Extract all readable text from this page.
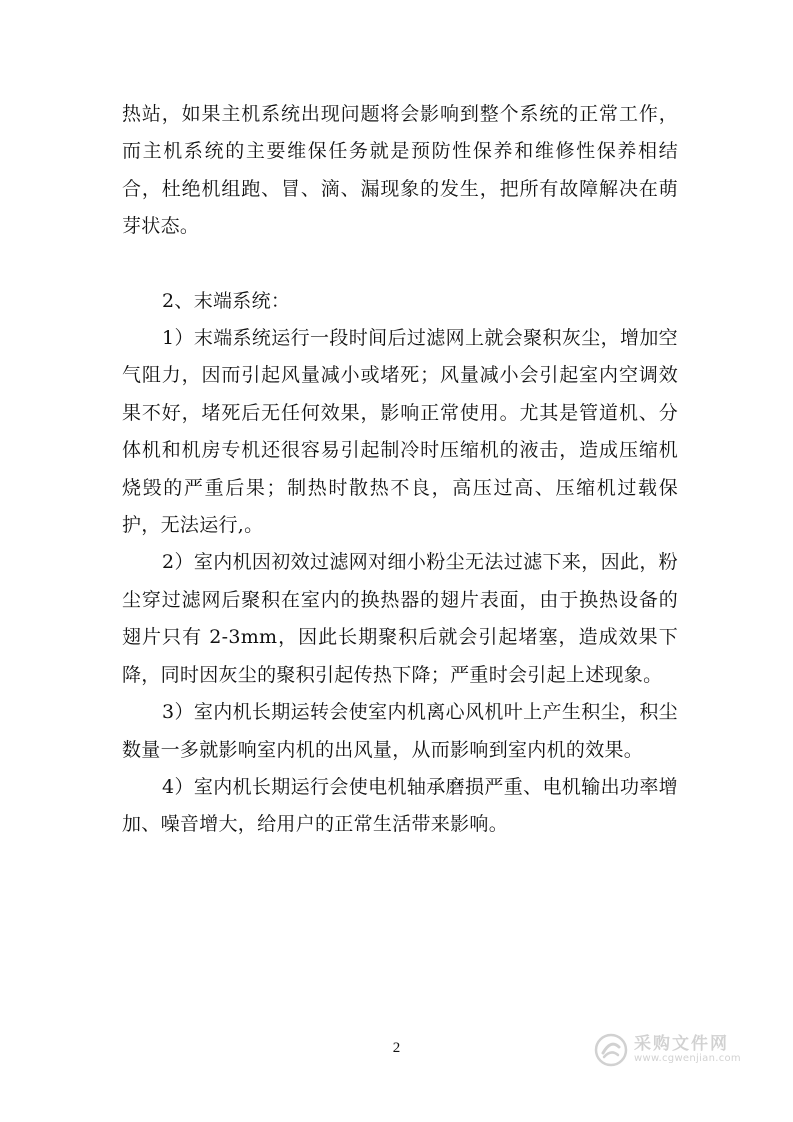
热站，如果主机系统出现问题将会影响到整个系统的正常工作，而主机系统的主要维保任务就是预防性保养和维修性保养相结合，杜绝机组跑、冒、滴、漏现象的发生，把所有故障解决在萌芽状态。

2、末端系统：

1）末端系统运行一段时间后过滤网上就会聚积灰尘，增加空气阻力，因而引起风量减小或堵死；风量减小会引起室内空调效果不好，堵死后无任何效果，影响正常使用。尤其是管道机、分体机和机房专机还很容易引起制冷时压缩机的液击，造成压缩机烧毁的严重后果；制热时散热不良，高压过高、压缩机过载保护，无法运行,。

2）室内机因初效过滤网对细小粉尘无法过滤下来，因此，粉尘穿过滤网后聚积在室内的换热器的翅片表面，由于换热设备的翅片只有 2-3mm，因此长期聚积后就会引起堵塞，造成效果下降，同时因灰尘的聚积引起传热下降；严重时会引起上述现象。

3）室内机长期运转会使室内机离心风机叶上产生积尘，积尘数量一多就影响室内机的出风量，从而影响到室内机的效果。

4）室内机长期运行会使电机轴承磨损严重、电机输出功率增加、噪音增大，给用户的正常生活带来影响。

2	采购文件网
www.cgwenjian.com
